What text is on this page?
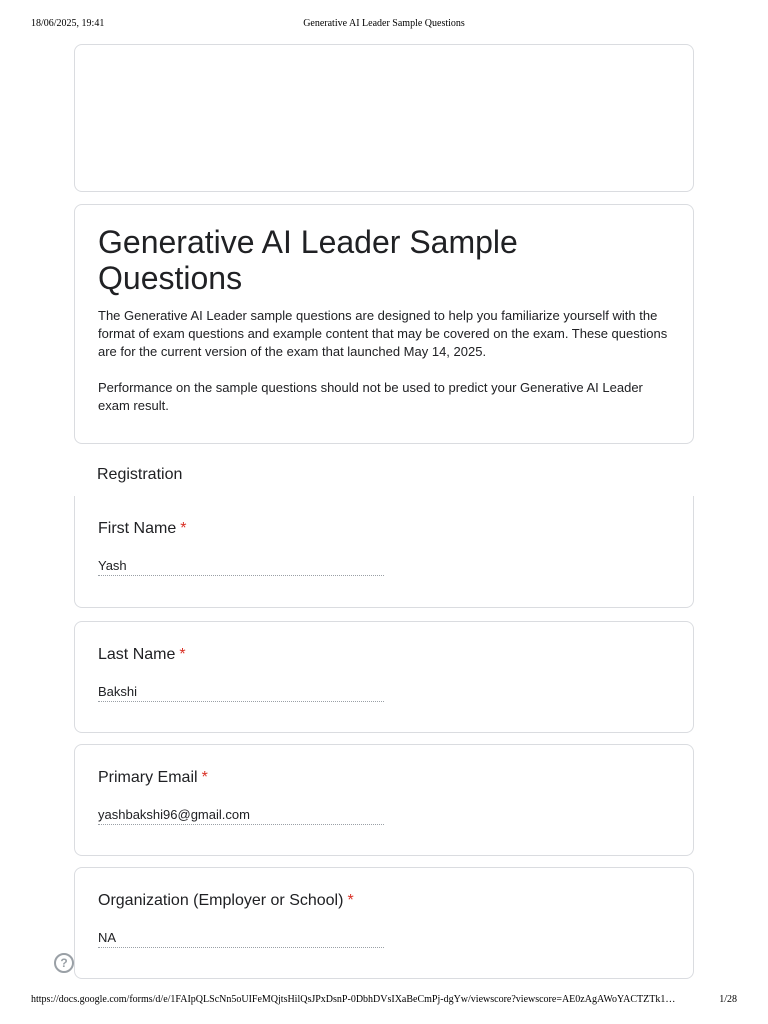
18/06/2025, 19:41	Generative AI Leader Sample Questions
Generative AI Leader Sample Questions

The Generative AI Leader sample questions are designed to help you familiarize yourself with the format of exam questions and example content that may be covered on the exam. These questions are for the current version of the exam that launched May 14, 2025.

Performance on the sample questions should not be used to predict your Generative AI Leader exam result.

Registration
First Name *
Yash
Last Name *
Bakshi
Primary Email *
yashbakshi96@gmail.com
Organization (Employer or School) *
NA
?
https://docs.google.com/forms/d/e/1FAIpQLScNn5oUIFeMQjtsHilQsJPxDsnP-0DbhDVsIXaBeCmPj-dgYw/viewscore?viewscore=AE0zAgAWoYACTZTk1…	1/28
